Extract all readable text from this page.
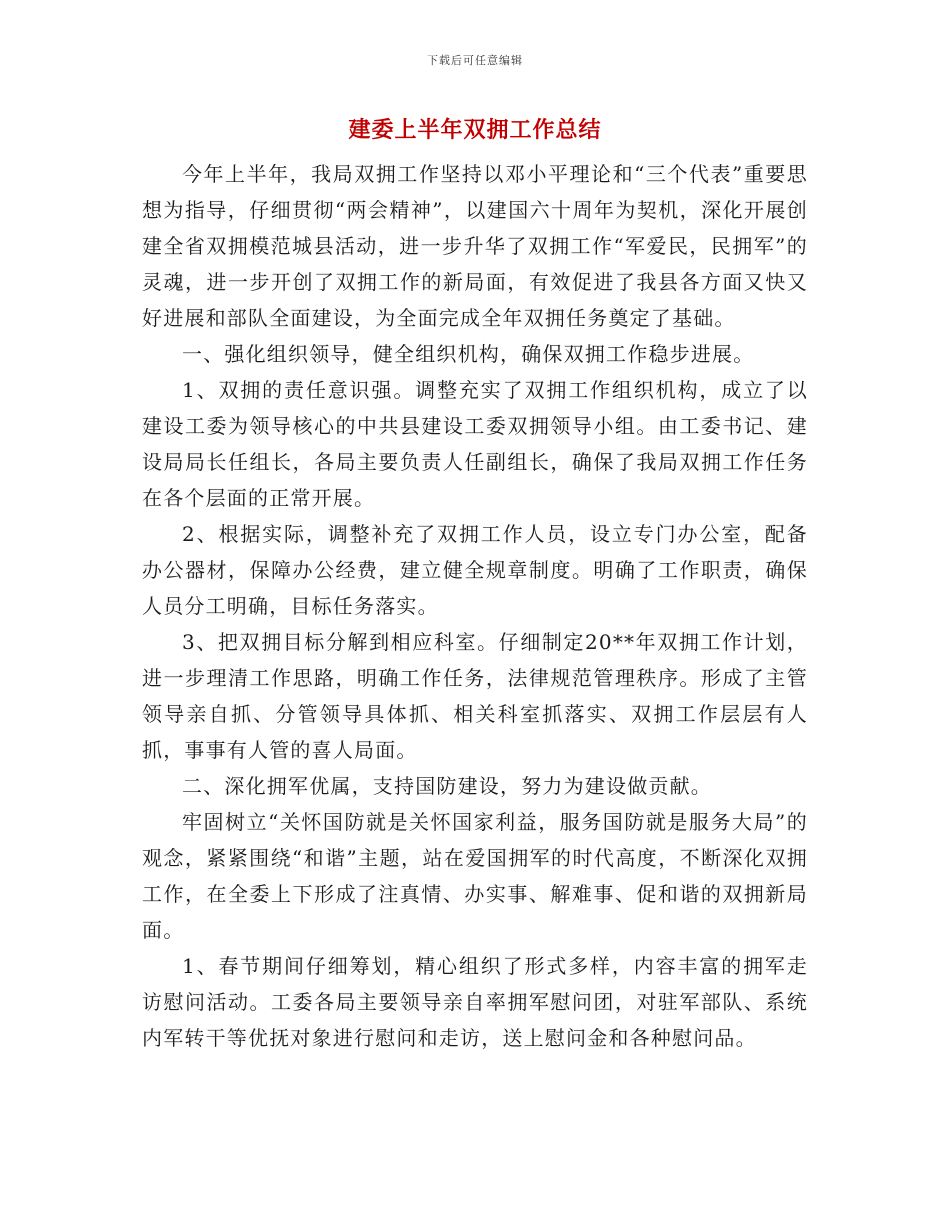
下载后可任意编辑
建委上半年双拥工作总结

今年上半年，我局双拥工作坚持以邓小平理论和“三个代表”重要思想为指导，仔细贯彻“两会精神”，以建国六十周年为契机，深化开展创建全省双拥模范城县活动，进一步升华了双拥工作“军爱民，民拥军”的灵魂，进一步开创了双拥工作的新局面，有效促进了我县各方面又快又好进展和部队全面建设，为全面完成全年双拥任务奠定了基础。

一、强化组织领导，健全组织机构，确保双拥工作稳步进展。

1、双拥的责任意识强。调整充实了双拥工作组织机构，成立了以建设工委为领导核心的中共县建设工委双拥领导小组。由工委书记、建设局局长任组长，各局主要负责人任副组长，确保了我局双拥工作任务在各个层面的正常开展。

2、根据实际，调整补充了双拥工作人员，设立专门办公室，配备办公器材，保障办公经费，建立健全规章制度。明确了工作职责，确保人员分工明确，目标任务落实。

3、把双拥目标分解到相应科室。仔细制定20**年双拥工作计划，进一步理清工作思路，明确工作任务，法律规范管理秩序。形成了主管领导亲自抓、分管领导具体抓、相关科室抓落实、双拥工作层层有人抓，事事有人管的喜人局面。

二、深化拥军优属，支持国防建设，努力为建设做贡献。

牢固树立“关怀国防就是关怀国家利益，服务国防就是服务大局”的观念，紧紧围绕“和谐”主题，站在爱国拥军的时代高度，不断深化双拥工作，在全委上下形成了注真情、办实事、解难事、促和谐的双拥新局面。

1、春节期间仔细筹划，精心组织了形式多样，内容丰富的拥军走访慰问活动。工委各局主要领导亲自率拥军慰问团，对驻军部队、系统内军转干等优抚对象进行慰问和走访，送上慰问金和各种慰问品。
